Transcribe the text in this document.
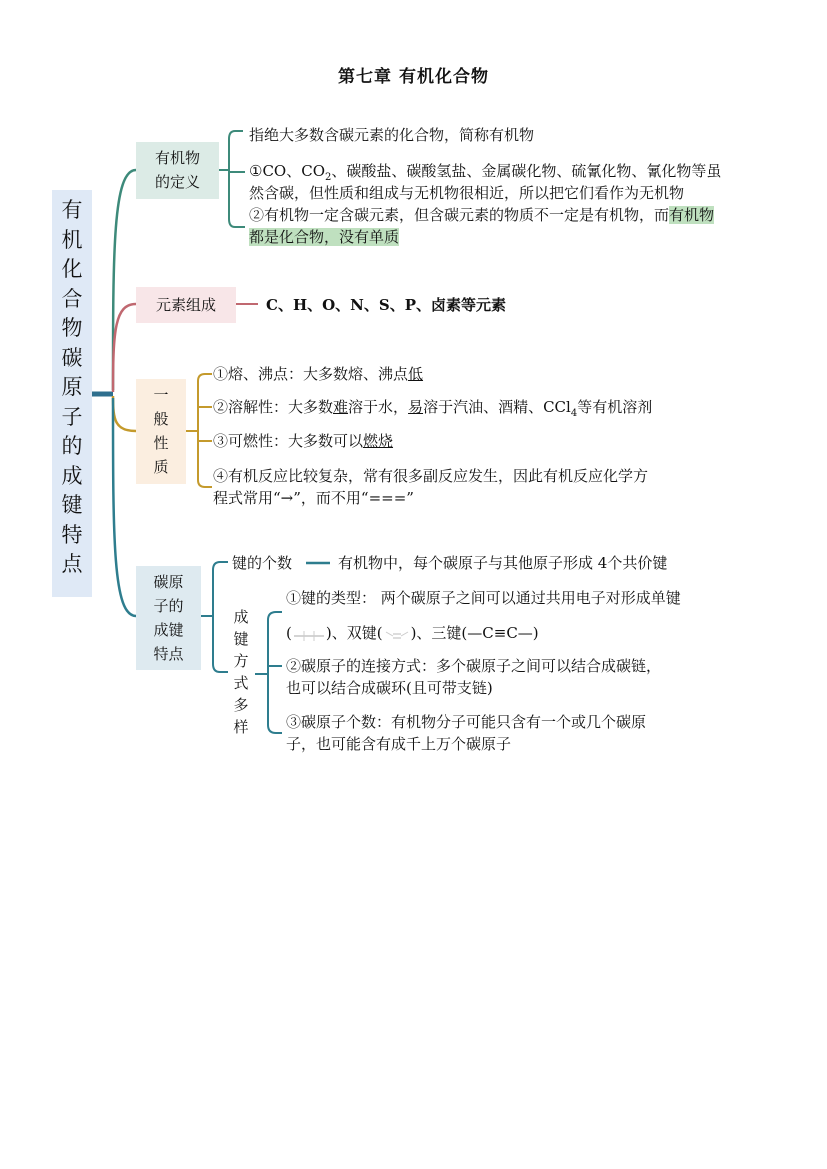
第七章 有机化合物
有机化合物碳原子的成键特点
有机物
的定义
指绝大多数含碳元素的化合物，简称有机物
①CO、$CO_2$、碳酸盐、碳酸氢盐、金属碳化物、硫氰化物、氰化物等虽
然含碳，但性质和组成与无机物很相近，所以把它们看作为无机物
②有机物一定含碳元素，但含碳元素的物质不一定是有机物，而有机物
都是化合物，没有单质
元素组成	C、H、O、N、S、P、卤素等元素
一
般
性
质
①熔、沸点：大多数熔、沸点低
②溶解性：大多数难溶于水，易溶于汽油、酒精、CCl$_4$等有机溶剂
③可燃性：大多数可以燃烧
④有机反应比较复杂，常有很多副反应发生，因此有机反应化学方
程式常用“→”，而不用“===”
碳原
子的
成键
特点
键的个数	有机物中，每个碳原子与其他原子形成 4个共价键
成
键
方
式
多
样
①键的类型： 两个碳原子之间可以通过共用电子对形成单键
( )、双键( )、三键(—C≡C—)
②碳原子的连接方式：多个碳原子之间可以结合成碳链，
也可以结合成碳环(且可带支链)
③碳原子个数：有机物分子可能只含有一个或几个碳原
子，也可能含有成千上万个碳原子
